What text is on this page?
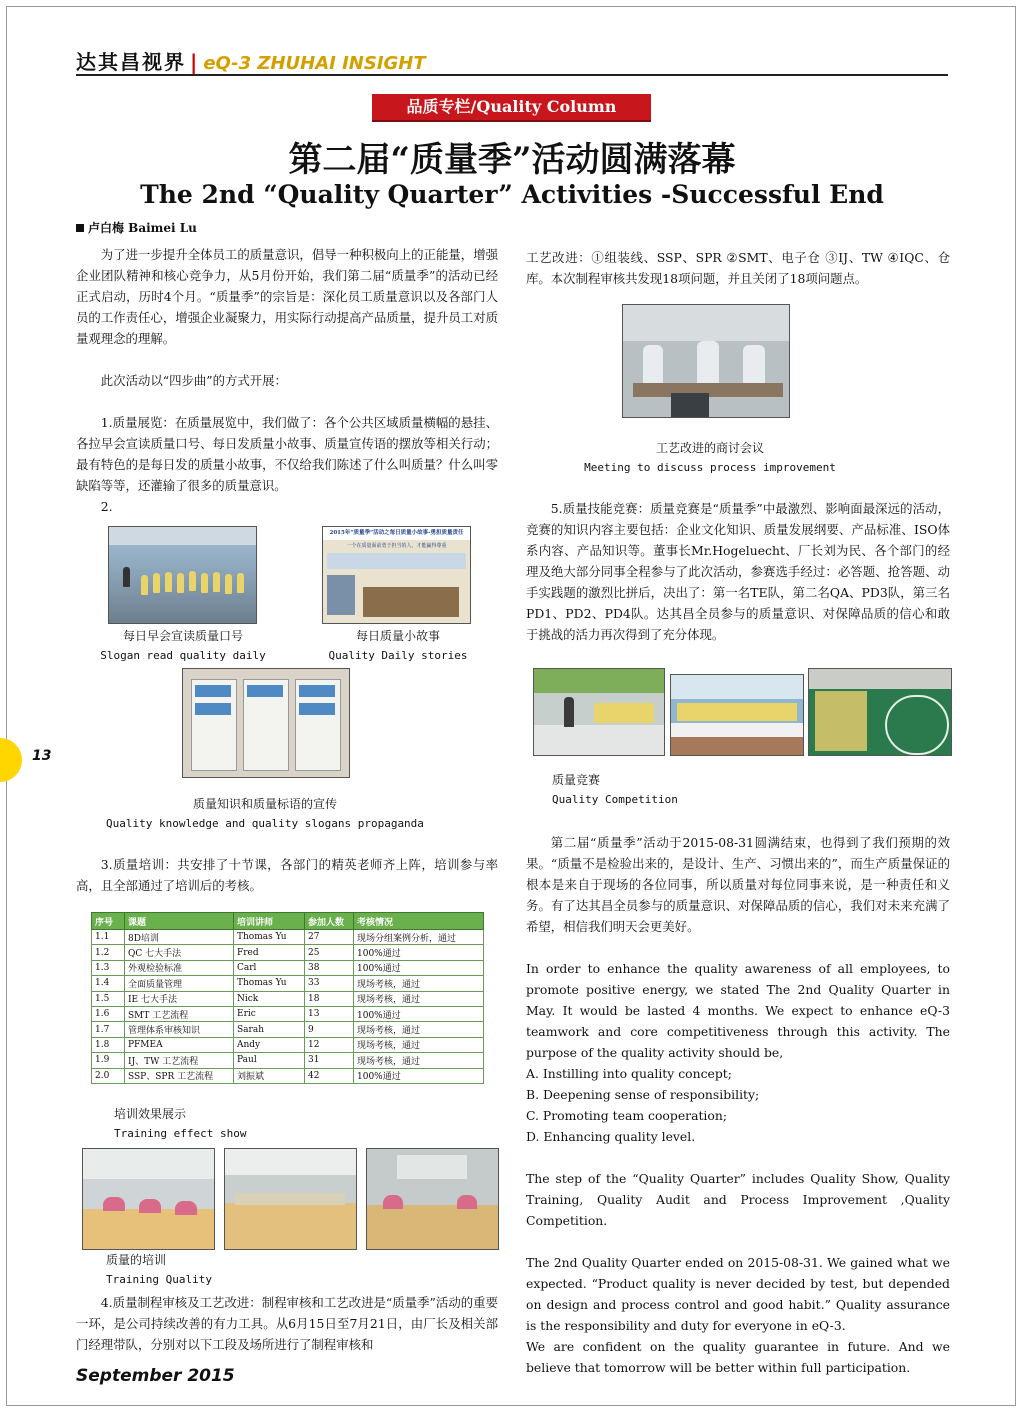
达其昌视界 | eQ-3 ZHUHAI INSIGHT
品质专栏/Quality Column
第二届“质量季”活动圆满落幕
The 2nd “Quality Quarter” Activities -Successful End
卢白梅 Baimei Lu

为了进一步提升全体员工的质量意识，倡导一种积极向上的正能量，增强企业团队精神和核心竞争力，从5月份开始，我们第二届“质量季”的活动已经正式启动，历时4个月。“质量季”的宗旨是：深化员工质量意识以及各部门人员的工作责任心，增强企业凝聚力，用实际行动提高产品质量，提升员工对质量观理念的理解。

此次活动以“四步曲”的方式开展：

1.质量展览：在质量展览中，我们做了：各个公共区域质量横幅的悬挂、各拉早会宣读质量口号、每日发质量小故事、质量宣传语的摆放等相关行动；最有特色的是每日发的质量小故事，不仅给我们陈述了什么叫质量？什么叫零缺陷等等，还灌输了很多的质量意识。

2.

每日早会宣读质量口号
Slogan read quality daily
2015年“质量季”活动之每日质量小故事-勇担质量责任
一个在质量面前勇于担当的人，才能赢得尊重
每日质量小故事
Quality Daily stories
质量知识和质量标语的宣传
Quality knowledge and quality slogans propaganda

3.质量培训：共安排了十节课，各部门的精英老师齐上阵，培训参与率高，且全部通过了培训后的考核。

序号	课题	培训讲师	参加人数	考核情况
1.1	8D培训	Thomas Yu	27	现场分组案例分析，通过
1.2	QC 七大手法	Fred	25	100%通过
1.3	外观检验标准	Carl	38	100%通过
1.4	全面质量管理	Thomas Yu	33	现场考核，通过
1.5	IE 七大手法	Nick	18	现场考核，通过
1.6	SMT 工艺流程	Eric	13	100%通过
1.7	管理体系审核知识	Sarah	9	现场考核，通过
1.8	PFMEA	Andy	12	现场考核，通过
1.9	IJ、TW 工艺流程	Paul	31	现场考核，通过
2.0	SSP、SPR 工艺流程	刘振斌	42	100%通过
培训效果展示
Training effect show
质量的培训
Training Quality

4.质量制程审核及工艺改进：制程审核和工艺改进是“质量季”活动的重要一环，是公司持续改善的有力工具。从6月15日至7月21日，由厂长及相关部门经理带队，分别对以下工段及场所进行了制程审核和

工艺改进：①组装线、SSP、SPR ②SMT、电子仓 ③IJ、TW ④IQC、仓库。本次制程审核共发现18项问题，并且关闭了18项问题点。

工艺改进的商讨会议
Meeting to discuss process improvement

5.质量技能竞赛：质量竞赛是“质量季”中最激烈、影响面最深远的活动，竞赛的知识内容主要包括：企业文化知识、质量发展纲要、产品标准、ISO体系内容、产品知识等。董事长Mr.Hogeluecht、厂长刘为民、各个部门的经理及绝大部分同事全程参与了此次活动，参赛选手经过：必答题、抢答题、动手实践题的激烈比拼后，决出了：第一名TE队，第二名QA、PD3队，第三名PD1、PD2、PD4队。达其昌全员参与的质量意识、对保障品质的信心和敢于挑战的活力再次得到了充分体现。

质量竞赛
Quality Competition

第二届“质量季”活动于2015-08-31圆满结束，也得到了我们预期的效果。“质量不是检验出来的，是设计、生产、习惯出来的”，而生产质量保证的根本是来自于现场的各位同事，所以质量对每位同事来说，是一种责任和义务。有了达其昌全员参与的质量意识、对保障品质的信心，我们对未来充满了希望，相信我们明天会更美好。

In order to enhance the quality awareness of all employees, to promote positive energy, we stated The 2nd Quality Quarter in May. It would be lasted 4 months. We expect to enhance eQ-3 teamwork and core competitiveness through this activity. The purpose of the quality activity should be,

A. Instilling into quality concept;

B. Deepening sense of responsibility;

C. Promoting team cooperation;

D. Enhancing quality level.

The step of the “Quality Quarter” includes Quality Show, Quality Training, Quality Audit and Process Improvement ,Quality Competition.

The 2nd Quality Quarter ended on 2015-08-31. We gained what we expected. “Product quality is never decided by test, but depended on design and process control and good habit.” Quality assurance is the responsibility and duty for everyone in eQ-3.

We are confident on the quality guarantee in future. And we believe that tomorrow will be better within full participation.

13
September 2015
